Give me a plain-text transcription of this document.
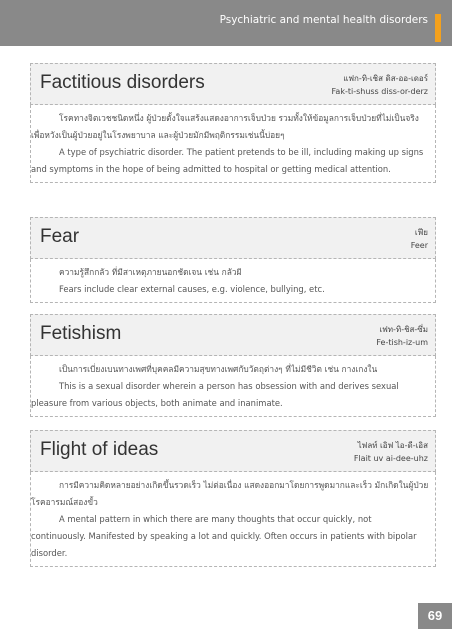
Psychiatric and mental health disorders
Factitious disorders	แฟก-ทิ-เชิส ดิส-ออ-เดอร์
Fak-ti-shuss diss-or-derz

โรคทางจิตเวชชนิดหนึ่ง ผู้ป่วยตั้งใจแสร้งแสดงอาการเจ็บป่วย รวมทั้งให้ข้อมูลการเจ็บป่วยที่ไม่เป็นจริงเพื่อหวังเป็นผู้ป่วยอยู่ในโรงพยาบาล และผู้ป่วยมักมีพฤติกรรมเช่นนี้บ่อยๆ

A type of psychiatric disorder. The patient pretends to be ill, including making up signs and symptoms in the hope of being admitted to hospital or getting medical attention.

Fear	เฟีย
Feer

ความรู้สึกกลัว ที่มีสาเหตุภายนอกชัดเจน เช่น กลัวผี

Fears include clear external causes, e.g. violence, bullying, etc.

Fetishism	เฟท-ทิ-ชิส-ซึ่ม
Fe-tish-iz-um

เป็นการเบี่ยงเบนทางเพศที่บุคคลมีความสุขทางเพศกับวัตถุต่างๆ ที่ไม่มีชีวิต เช่น กางเกงใน

This is a sexual disorder wherein a person has obsession with and derives sexual pleasure from various objects, both animate and inanimate.

Flight of ideas	ไฟลท์ เอิฟ ไอ-ดี-เอิส
Flait uv ai-dee-uhz

การมีความคิดหลายอย่างเกิดขึ้นรวดเร็ว ไม่ต่อเนื่อง แสดงออกมาโดยการพูดมากและเร็ว มักเกิดในผู้ป่วยโรคอารมณ์สองขั้ว

A mental pattern in which there are many thoughts that occur quickly, not continuously. Manifested by speaking a lot and quickly. Often occurs in patients with bipolar disorder.

69
